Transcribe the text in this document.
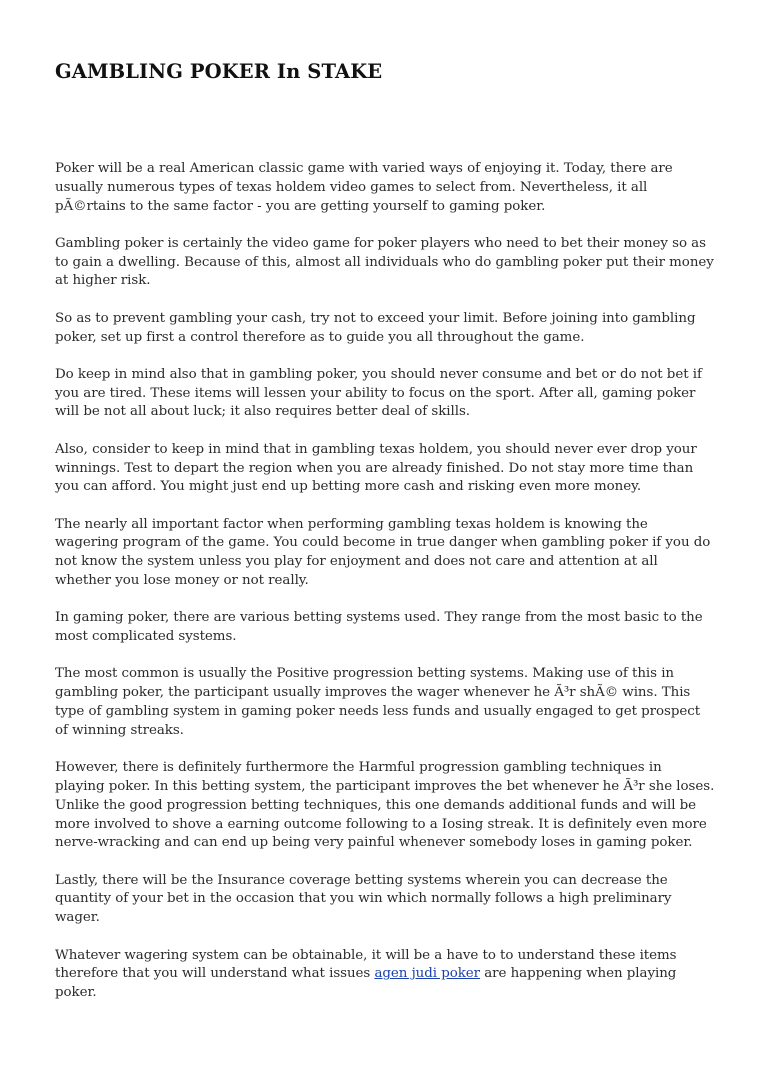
GAMBLING POKER In STAKE

Poker will be a real American classic game with varied ways of enjoying it. Today, there are usually numerous types of texas holdem video games to select from. Nevertheless, it all pÃ©rtains to the same factor - you are getting yourself to gaming poker.

Gambling poker is certainly the video game for poker players who need to bet their money so as to gain a dwelling. Because of this, almost all individuals who do gambling poker put their money at higher risk.

So as to prevent gambling your cash, try not to exceed your limit. Before joining into gambling poker, set up first a control therefore as to guide you all throughout the game.

Do keep in mind also that in gambling poker, you should never consume and bet or do not bet if you are tired. These items will lessen your ability to focus on the sport. After all, gaming poker will be not all about luck; it also requires better deal of skills.

Also, consider to keep in mind that in gambling texas holdem, you should never ever drop your winnings. Test to depart the region when you are already finished. Do not stay more time than you can afford. You might just end up betting more cash and risking even more money.

The nearly all important factor when performing gambling texas holdem is knowing the wagering program of the game. You could become in true danger when gambling poker if you do not know the system unless you play for enjoyment and does not care and attention at all whether you lose money or not really.

In gaming poker, there are various betting systems used. They range from the most basic to the most complicated systems.

The most common is usually the Positive progression betting systems. Making use of this in gambling poker, the participant usually improves the wager whenever he Ã³r shÃ© wins. This type of gambling system in gaming poker needs less funds and usually engaged to get prospect of winning streaks.

However, there is definitely furthermore the Harmful progression gambling techniques in playing poker. In this betting system, the participant improves the bet whenever he Ã³r she loses. Unlike the good progression betting techniques, this one demands additional funds and will be more involved to shove a earning outcome following to a Iosing streak. It is definitely even more nerve-wracking and can end up being very painful whenever somebody loses in gaming poker.

Lastly, there will be the Insurance coverage betting systems wherein you can decrease the quantity of your bet in the occasion that you win which normally follows a high preliminary wager.

Whatever wagering system can be obtainable, it will be a have to to understand these items therefore that you will understand what issues agen judi poker are happening when playing poker.
